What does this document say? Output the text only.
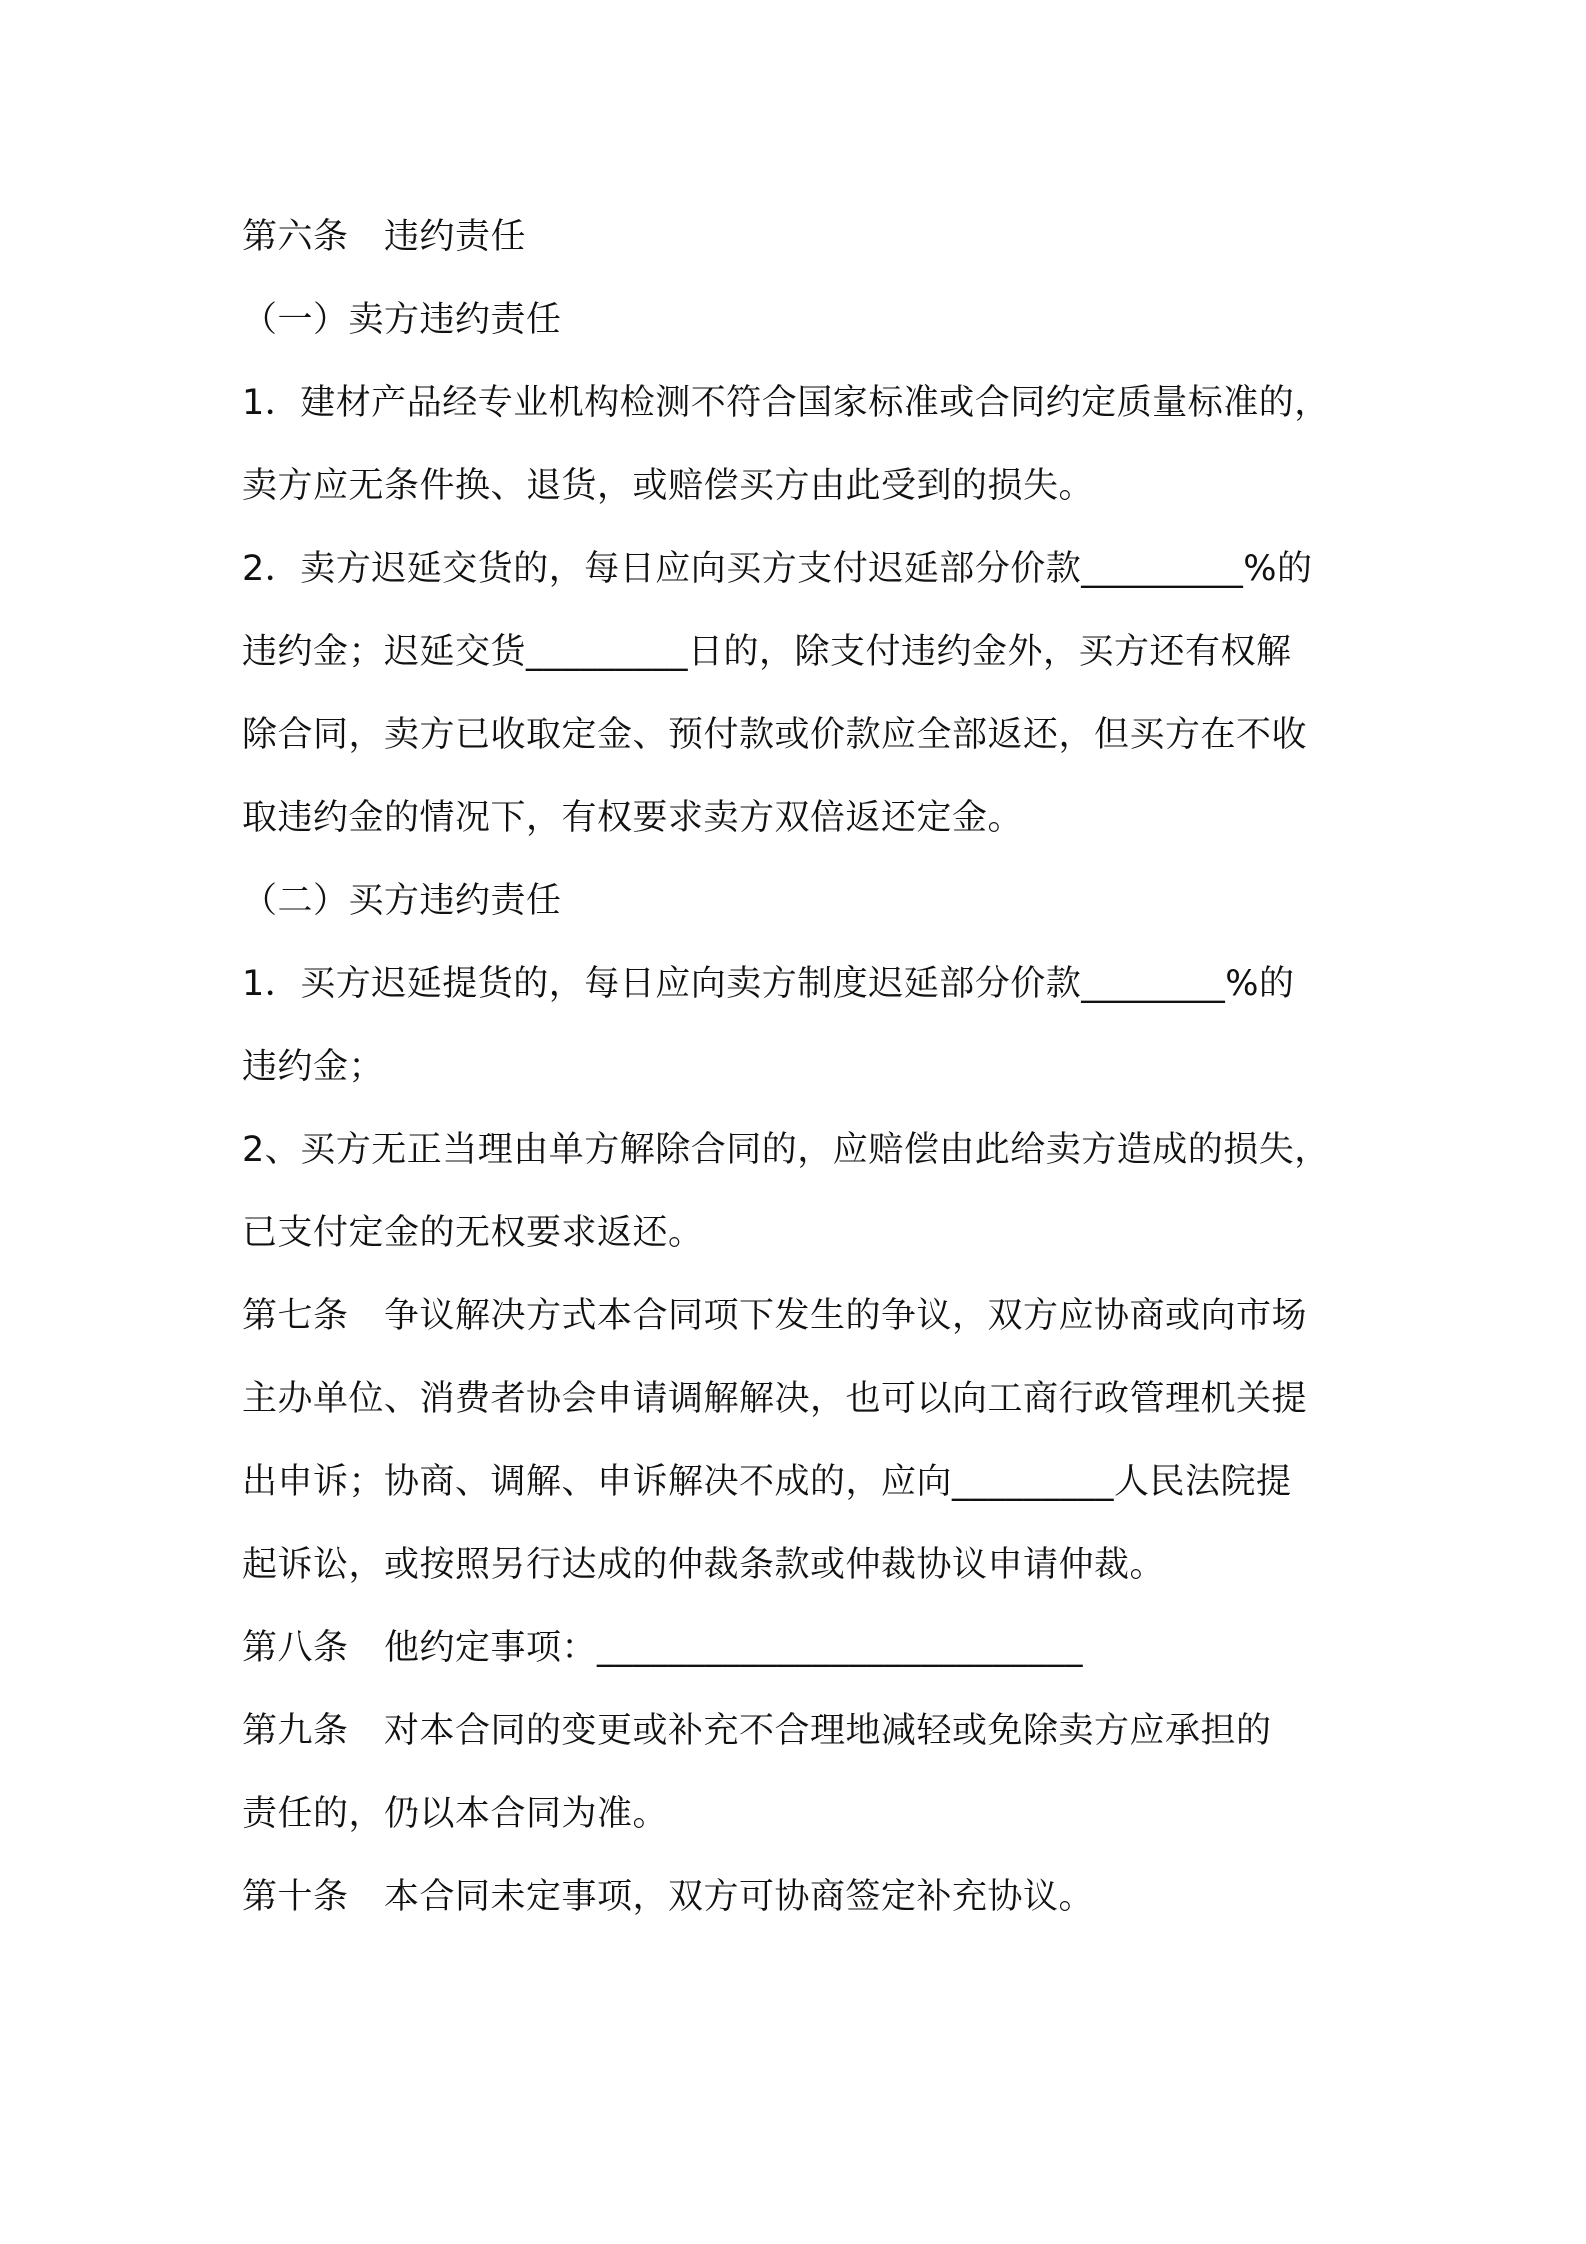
第六条　违约责任
（一）卖方违约责任
1．建材产品经专业机构检测不符合国家标准或合同约定质量标准的，
卖方应无条件换、退货，或赔偿买方由此受到的损失。
2．卖方迟延交货的，每日应向买方支付迟延部分价款_________%的
违约金；迟延交货_________日的，除支付违约金外，买方还有权解
除合同，卖方已收取定金、预付款或价款应全部返还，但买方在不收
取违约金的情况下，有权要求卖方双倍返还定金。
（二）买方违约责任
1．买方迟延提货的，每日应向卖方制度迟延部分价款________%的
违约金；
2、买方无正当理由单方解除合同的，应赔偿由此给卖方造成的损失，
已支付定金的无权要求返还。
第七条　争议解决方式本合同项下发生的争议，双方应协商或向市场
主办单位、消费者协会申请调解解决，也可以向工商行政管理机关提
出申诉；协商、调解、申诉解决不成的，应向_________人民法院提
起诉讼，或按照另行达成的仲裁条款或仲裁协议申请仲裁。
第八条　他约定事项：___________________________
第九条　对本合同的变更或补充不合理地减轻或免除卖方应承担的
责任的，仍以本合同为准。
第十条　本合同未定事项，双方可协商签定补充协议。
